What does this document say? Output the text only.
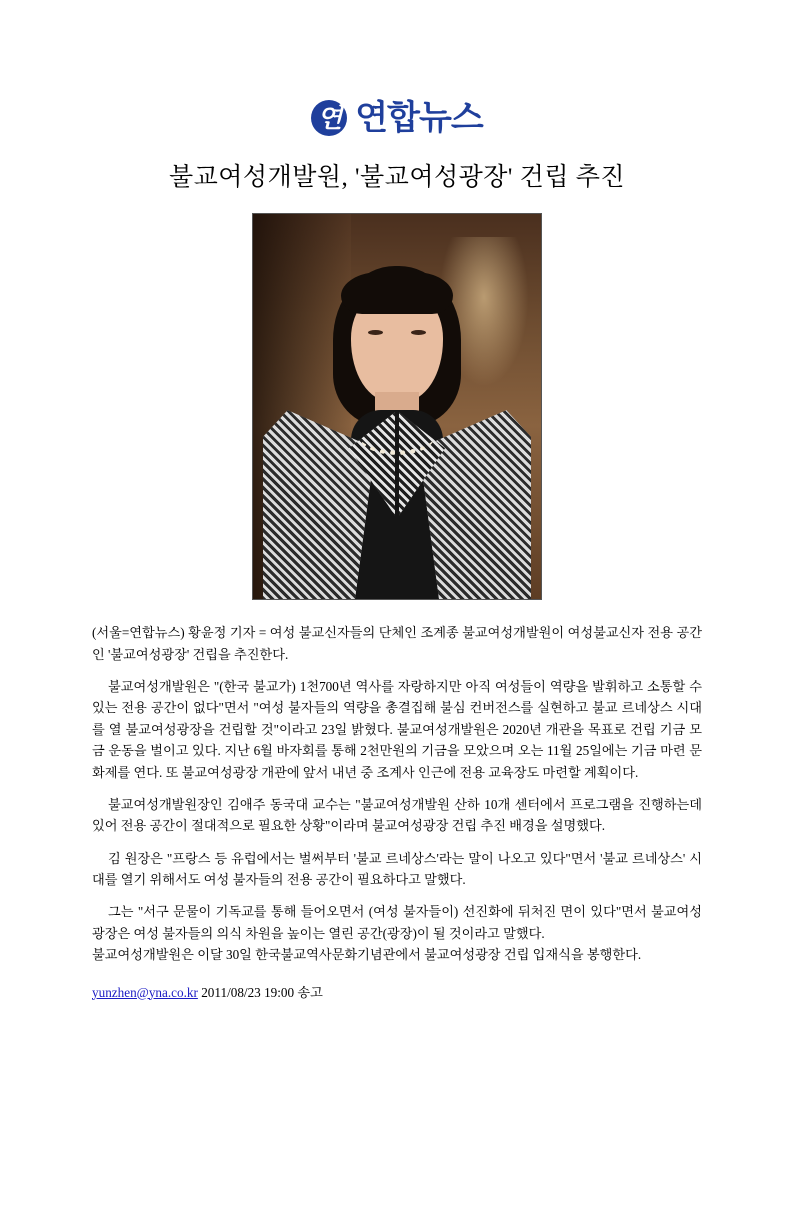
연 연합뉴스
불교여성개발원, '불교여성광장' 건립 추진

(서울=연합뉴스) 황윤정 기자 = 여성 불교신자들의 단체인 조계종 불교여성개발원이 여성불교신자 전용 공간인 '불교여성광장' 건립을 추진한다.

불교여성개발원은 "(한국 불교가) 1천700년 역사를 자랑하지만 아직 여성들이 역량을 발휘하고 소통할 수 있는 전용 공간이 없다"면서 "여성 불자들의 역량을 총결집해 불심 컨버전스를 실현하고 불교 르네상스 시대를 열 불교여성광장을 건립할 것"이라고 23일 밝혔다. 불교여성개발원은 2020년 개관을 목표로 건립 기금 모금 운동을 벌이고 있다. 지난 6월 바자회를 통해 2천만원의 기금을 모았으며 오는 11월 25일에는 기금 마련 문화제를 연다. 또 불교여성광장 개관에 앞서 내년 중 조계사 인근에 전용 교육장도 마련할 계획이다.

불교여성개발원장인 김애주 동국대 교수는 "불교여성개발원 산하 10개 센터에서 프로그램을 진행하는데 있어 전용 공간이 절대적으로 필요한 상황"이라며 불교여성광장 건립 추진 배경을 설명했다.

김 원장은 "프랑스 등 유럽에서는 벌써부터 '불교 르네상스'라는 말이 나오고 있다"면서 '불교 르네상스' 시대를 열기 위해서도 여성 불자들의 전용 공간이 필요하다고 말했다.

그는 "서구 문물이 기독교를 통해 들어오면서 (여성 불자들이) 선진화에 뒤처진 면이 있다"면서 불교여성광장은 여성 불자들의 의식 차원을 높이는 열린 공간(광장)이 될 것이라고 말했다.

불교여성개발원은 이달 30일 한국불교역사문화기념관에서 불교여성광장 건립 입재식을 봉행한다.

yunzhen@yna.co.kr 2011/08/23 19:00 송고
